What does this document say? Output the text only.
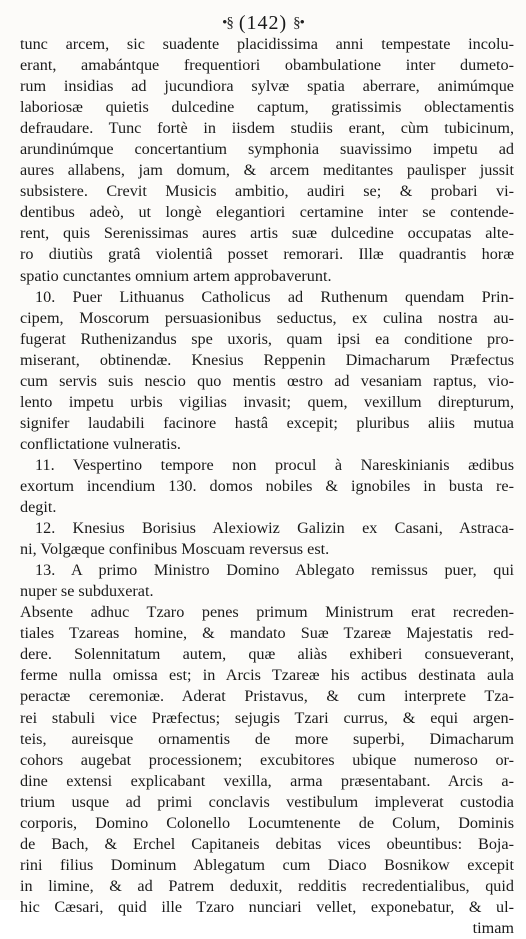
•§ (142) §•
tunc arcem, sic suadente placidissima anni tempestate incolu-
erant, amabántque frequentiori obambulatione inter dumeto-
rum insidias ad jucundiora sylvæ spatia aberrare, animúmque
laboriosæ quietis dulcedine captum, gratissimis oblectamentis
defraudare. Tunc fortè in iisdem studiis erant, cùm tubicinum,
arundinúmque concertantium symphonia suavissimo impetu ad
aures allabens, jam domum, & arcem meditantes paulisper jussit
subsistere. Crevit Musicis ambitio, audiri se; & probari vi-
dentibus adeò, ut longè elegantiori certamine inter se contende-
rent, quis Serenissimas aures artis suæ dulcedine occupatas alte-
ro diutiùs gratâ violentiâ posset remorari. Illæ quadrantis horæ
spatio cunctantes omnium artem approbaverunt.
10. Puer Lithuanus Catholicus ad Ruthenum quendam Prin-
cipem, Moscorum persuasionibus seductus, ex culina nostra au-
fugerat Ruthenizandus spe uxoris, quam ipsi ea conditione pro-
miserant, obtinendæ. Knesius Reppenin Dimacharum Præfectus
cum servis suis nescio quo mentis œstro ad vesaniam raptus, vio-
lento impetu urbis vigilias invasit; quem, vexillum direpturum,
signifer laudabili facinore hastâ excepit; pluribus aliis mutua
conflictatione vulneratis.
11. Vespertino tempore non procul à Nareskinianis ædibus
exortum incendium 130. domos nobiles & ignobiles in busta re-
degit.
12. Knesius Borisius Alexiowiz Galizin ex Casani, Astraca-
ni, Volgæque confinibus Moscuam reversus est.
13. A primo Ministro Domino Ablegato remissus puer, qui
nuper se subduxerat.
Absente adhuc Tzaro penes primum Ministrum erat recreden-
tiales Tzareas homine, & mandato Suæ Tzareæ Majestatis red-
dere. Solennitatum autem, quæ aliàs exhiberi consueverant,
ferme nulla omissa est; in Arcis Tzareæ his actibus destinata aula
peractæ ceremoniæ. Aderat Pristavus, & cum interprete Tza-
rei stabuli vice Præfectus; sejugis Tzari currus, & equi argen-
teis, aureisque ornamentis de more superbi, Dimacharum
cohors augebat processionem; excubitores ubique numeroso or-
dine extensi explicabant vexilla, arma præsentabant. Arcis a-
trium usque ad primi conclavis vestibulum impleverat custodia
corporis, Domino Colonello Locumtenente de Colum, Dominis
de Bach, & Erchel Capitaneis debitas vices obeuntibus: Boja-
rini filius Dominum Ablegatum cum Diaco Bosnikow excepit
in limine, & ad Patrem deduxit, redditis recredentialibus, quid
hic Cæsari, quid ille Tzaro nunciari vellet, exponebatur, & ul-
timam
